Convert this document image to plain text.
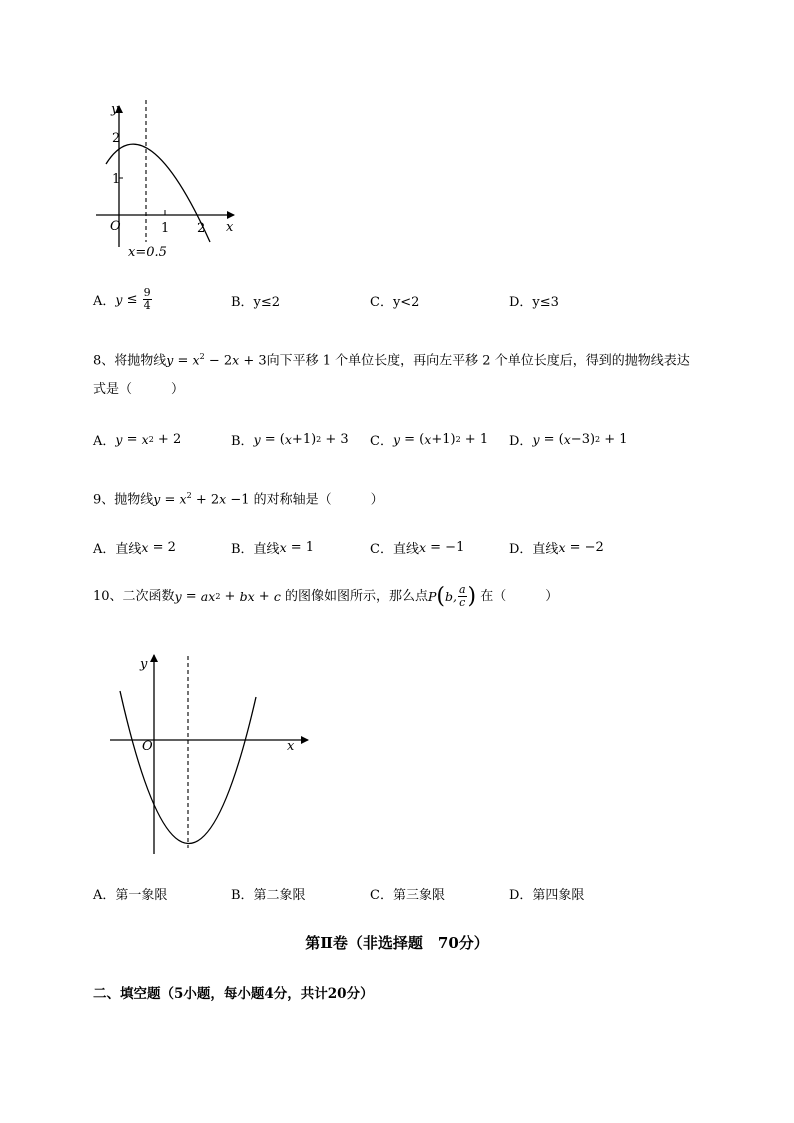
y
x
O
2
1
1 2
x=0.5
A． $y \le \frac{9}{4}$	B．y≤2	C．y<2	D．y≤3
8、将抛物线$y = x^2 - 2x + 3$向下平移 1 个单位长度，再向左平移 2 个单位长度后，得到的抛物线表达
式是（　　　）
A． y = x 2 + 2	B． y = ( x +1) 2 + 3 C． y = ( x +1) 2 + 1 D． y = ( x −3) 2 + 1
9、抛物线$y = x^2 + 2x -1$ 的对称轴是（　　　）
A．直线 x = 2	B．直线 x = 1	C．直线 x = −1	D．直线 x = −2
10、 二次函数 y = ax 2 + bx + c
的图像如图所示，那么点 P ( b, $\frac{a}{c}$ )
在（　　　）
y
x
O
A．第一象限	B．第二象限	C．第三象限	D．第四象限
第Ⅱ卷（非选择题　70分）
二、填空题（5小题，每小题4分，共计20分）
